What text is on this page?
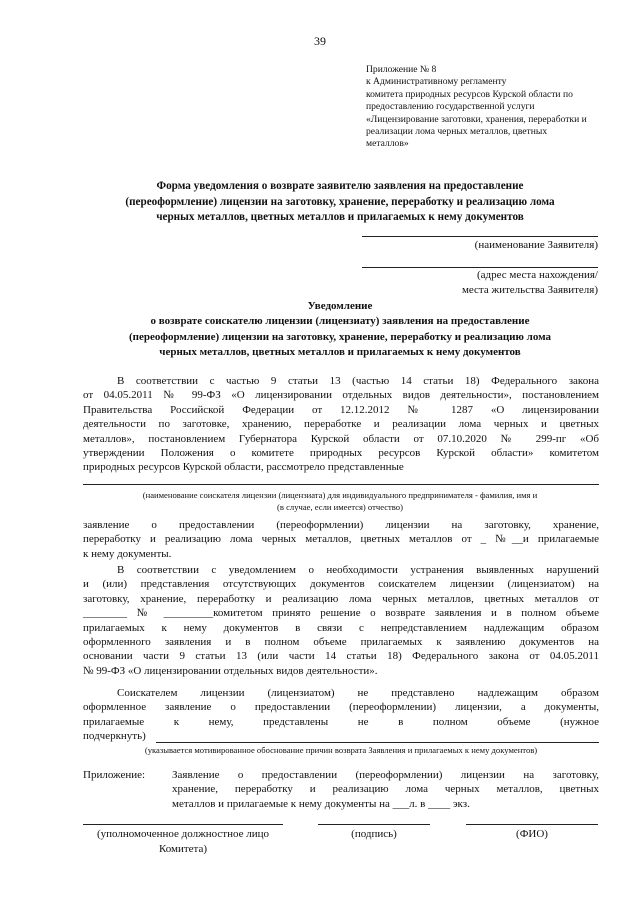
39
Приложение № 8
к Административному регламенту
комитета природных ресурсов Курской области по
предоставлению государственной услуги
«Лицензирование заготовки, хранения, переработки и
реализации лома черных металлов, цветных
металлов»
Форма уведомления о возврате заявителю заявления на предоставление
(переоформление) лицензии на заготовку, хранение, переработку и реализацию лома
черных металлов, цветных металлов и прилагаемых к нему документов
(наименование Заявителя)
(адрес места нахождения/
места жительства Заявителя)
Уведомление
о возврате соискателю лицензии (лицензиату) заявления на предоставление
(переоформление) лицензии на заготовку, хранение, переработку и реализацию лома
черных металлов, цветных металлов и прилагаемых к нему документов
В соответствии с частью 9 статьи 13 (частью 14 статьи 18) Федерального закона
от 04.05.2011 № 99-ФЗ «О лицензировании отдельных видов деятельности», постановлением
Правительства Российской Федерации от 12.12.2012 № 1287 «О лицензировании
деятельности по заготовке, хранению, переработке и реализации лома черных и цветных
металлов», постановлением Губернатора Курской области от 07.10.2020 № 299-пг «Об
утверждении Положения о комитете природных ресурсов Курской области» комитетом
природных ресурсов Курской области, рассмотрело представленные
(наименование соискателя лицензии (лицензиата) для индивидуального предпринимателя - фамилия, имя и
(в случае, если имеется) отчество)
заявление о предоставлении (переоформлении) лицензии на заготовку, хранение,
переработку и реализацию лома черных металлов, цветных металлов от _ №__и прилагаемые
к нему документы.
В соответствии с уведомлением о необходимости устранения выявленных нарушений
и (или) представления отсутствующих документов соискателем лицензии (лицензиатом) на
заготовку, хранение, переработку и реализацию лома черных металлов, цветных металлов от
________ № _________комитетом принято решение о возврате заявления и в полном объеме
прилагаемых к нему документов в связи с непредставлением надлежащим образом
оформленного заявления и в полном объеме прилагаемых к заявлению документов на
основании части 9 статьи 13 (или части 14 статьи 18) Федерального закона от 04.05.2011
№ 99-ФЗ «О лицензировании отдельных видов деятельности».
Соискателем лицензии (лицензиатом) не представлено надлежащим образом
оформленное заявление о предоставлении (переоформлении) лицензии, а документы,
прилагаемые к нему, представлены не в полном объеме (нужное
подчеркнуть)
(указывается мотивированное обоснование причин возврата Заявления и прилагаемых к нему документов)
Приложение: Заявление о предоставлении (переоформлении) лицензии на заготовку,
хранение, переработку и реализацию лома черных металлов, цветных
металлов и прилагаемые к нему документы на ___л. в ____ экз.
(уполномоченное должностное лицо
Комитета)
(подпись)	(ФИО)
